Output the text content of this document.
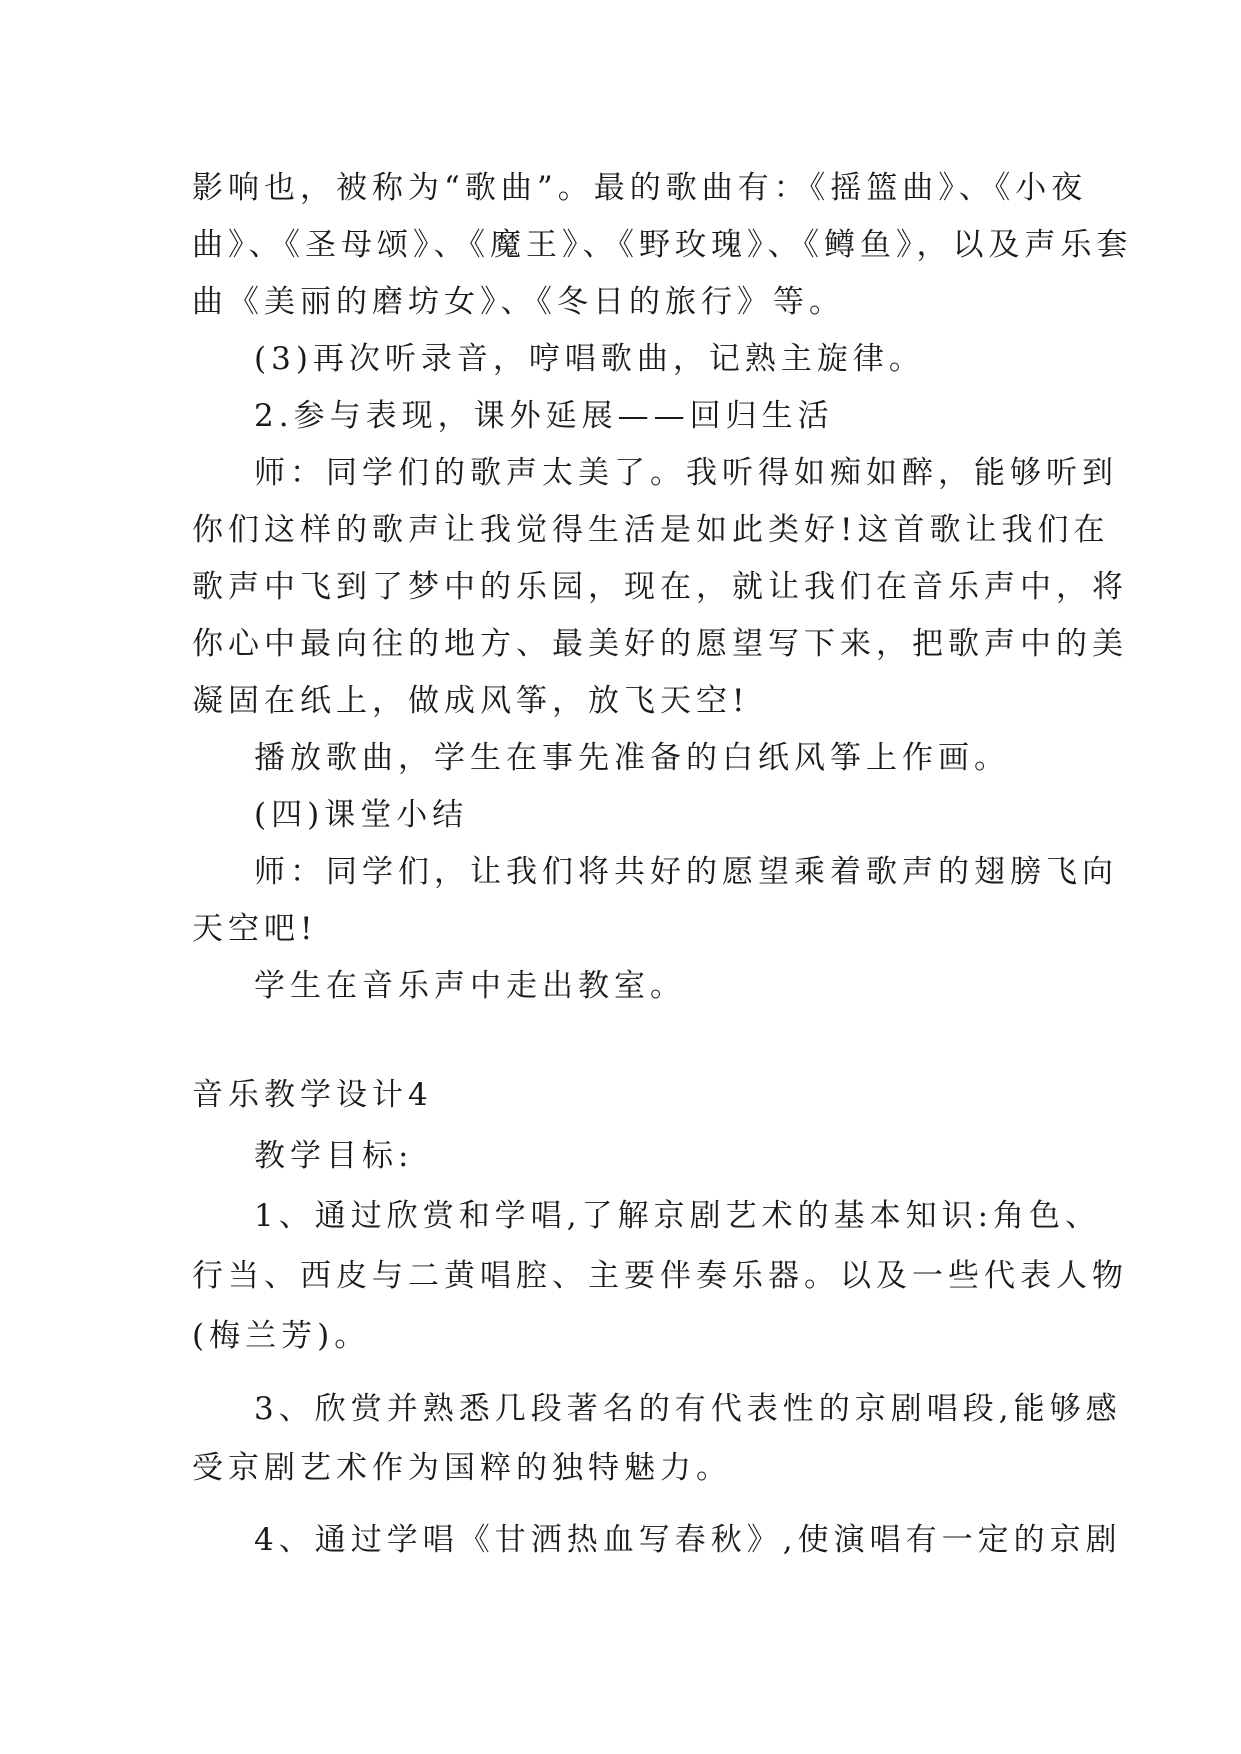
影响也，被称为“歌曲”。最的歌曲有：《摇篮曲》、《小夜
曲》、《圣母颂》、《魔王》、《野玫瑰》、《鳟鱼》，以及声乐套
曲《美丽的磨坊女》、《冬日的旅行》等。
(3)再次听录音，哼唱歌曲，记熟主旋律。
2.参与表现，课外延展——回归生活
师：同学们的歌声太美了。我听得如痴如醉，能够听到
你们这样的歌声让我觉得生活是如此类好!这首歌让我们在
歌声中飞到了梦中的乐园，现在，就让我们在音乐声中，将
你心中最向往的地方、最美好的愿望写下来，把歌声中的美
凝固在纸上，做成风筝，放飞天空!
播放歌曲，学生在事先准备的白纸风筝上作画。
(四)课堂小结
师：同学们，让我们将共好的愿望乘着歌声的翅膀飞向
天空吧!
学生在音乐声中走出教室。
音乐教学设计4
教学目标:
1、通过欣赏和学唱,了解京剧艺术的基本知识:角色、
行当、西皮与二黄唱腔、主要伴奏乐器。以及一些代表人物
(梅兰芳)。
3、欣赏并熟悉几段著名的有代表性的京剧唱段,能够感
受京剧艺术作为国粹的独特魅力。
4、通过学唱《甘洒热血写春秋》,使演唱有一定的京剧
